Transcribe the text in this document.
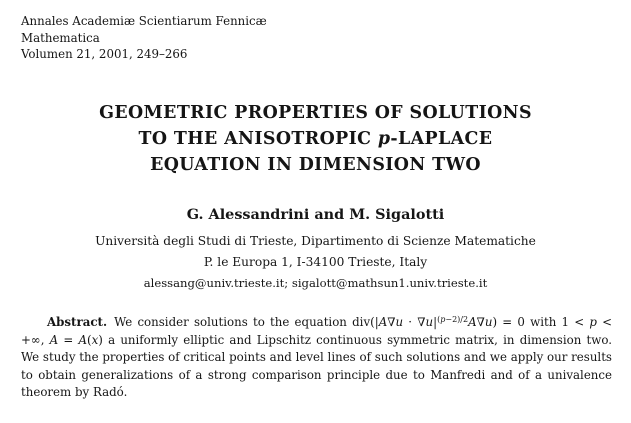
Annales Academiæ Scientiarum Fennicæ
Mathematica
Volumen 21, 2001, 249–266
GEOMETRIC PROPERTIES OF SOLUTIONS
TO THE ANISOTROPIC p-LAPLACE
EQUATION IN DIMENSION TWO
G. Alessandrini and M. Sigalotti
Università degli Studi di Trieste, Dipartimento di Scienze Matematiche
P. le Europa 1, I-34100 Trieste, Italy
alessang@univ.trieste.it; sigalott@mathsun1.univ.trieste.it

Abstract. We consider solutions to the equation $div(|A\nabla u \cdot \nabla u|^{(p-2)/2}A\nabla u) = 0$ with 1 < p < +∞, A = A(x) a uniformly elliptic and Lipschitz continuous symmetric matrix, in dimension two. We study the properties of critical points and level lines of such solutions and we apply our results to obtain generalizations of a strong comparison principle due to Manfredi and of a univalence theorem by Radó.
